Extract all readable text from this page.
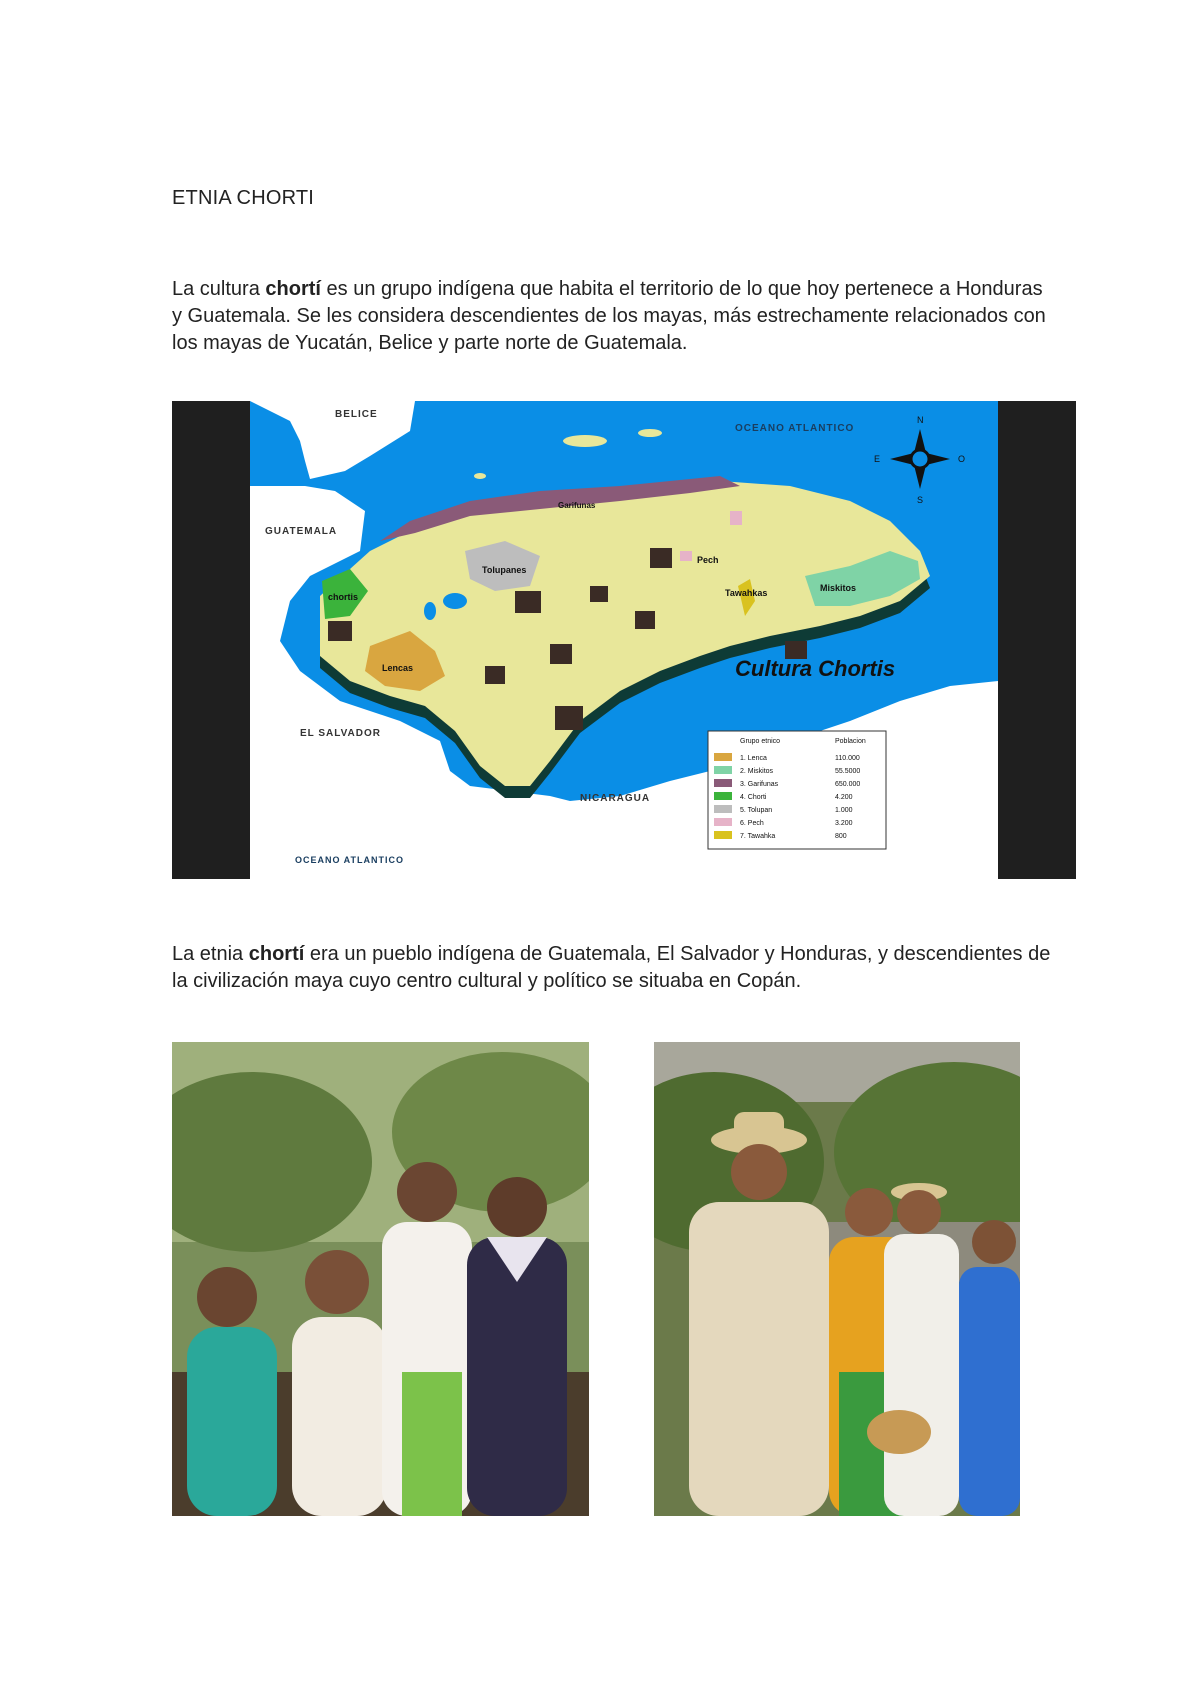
ETNIA CHORTI

La cultura chortí es un grupo indígena que habita el territorio de lo que hoy pertenece a Honduras y Guatemala. Se les considera descendientes de los mayas, más estrechamente relacionados con los mayas de Yucatán, Belice y parte norte de Guatemala.

N
S
E	O
BELICE
OCEANO ATLANTICO
GUATEMALA
EL SALVADOR
NICARAGUA
OCEANO ATLANTICO
chortis
Lencas
Tolupanes
Pech
Tawahkas	Miskitos
Garifunas
Cultura Chortis
Grupo etnico	Poblacion
1. Lenca	110.000
2. Miskitos	55.5000
3. Garifunas	650.000
4. Chorti	4.200
5. Tolupan	1.000
6. Pech	3.200
7. Tawahka	800

La etnia chortí era un pueblo indígena de Guatemala, El Salvador y Honduras, y descendientes de la civilización maya cuyo centro cultural y político se situaba en Copán.
